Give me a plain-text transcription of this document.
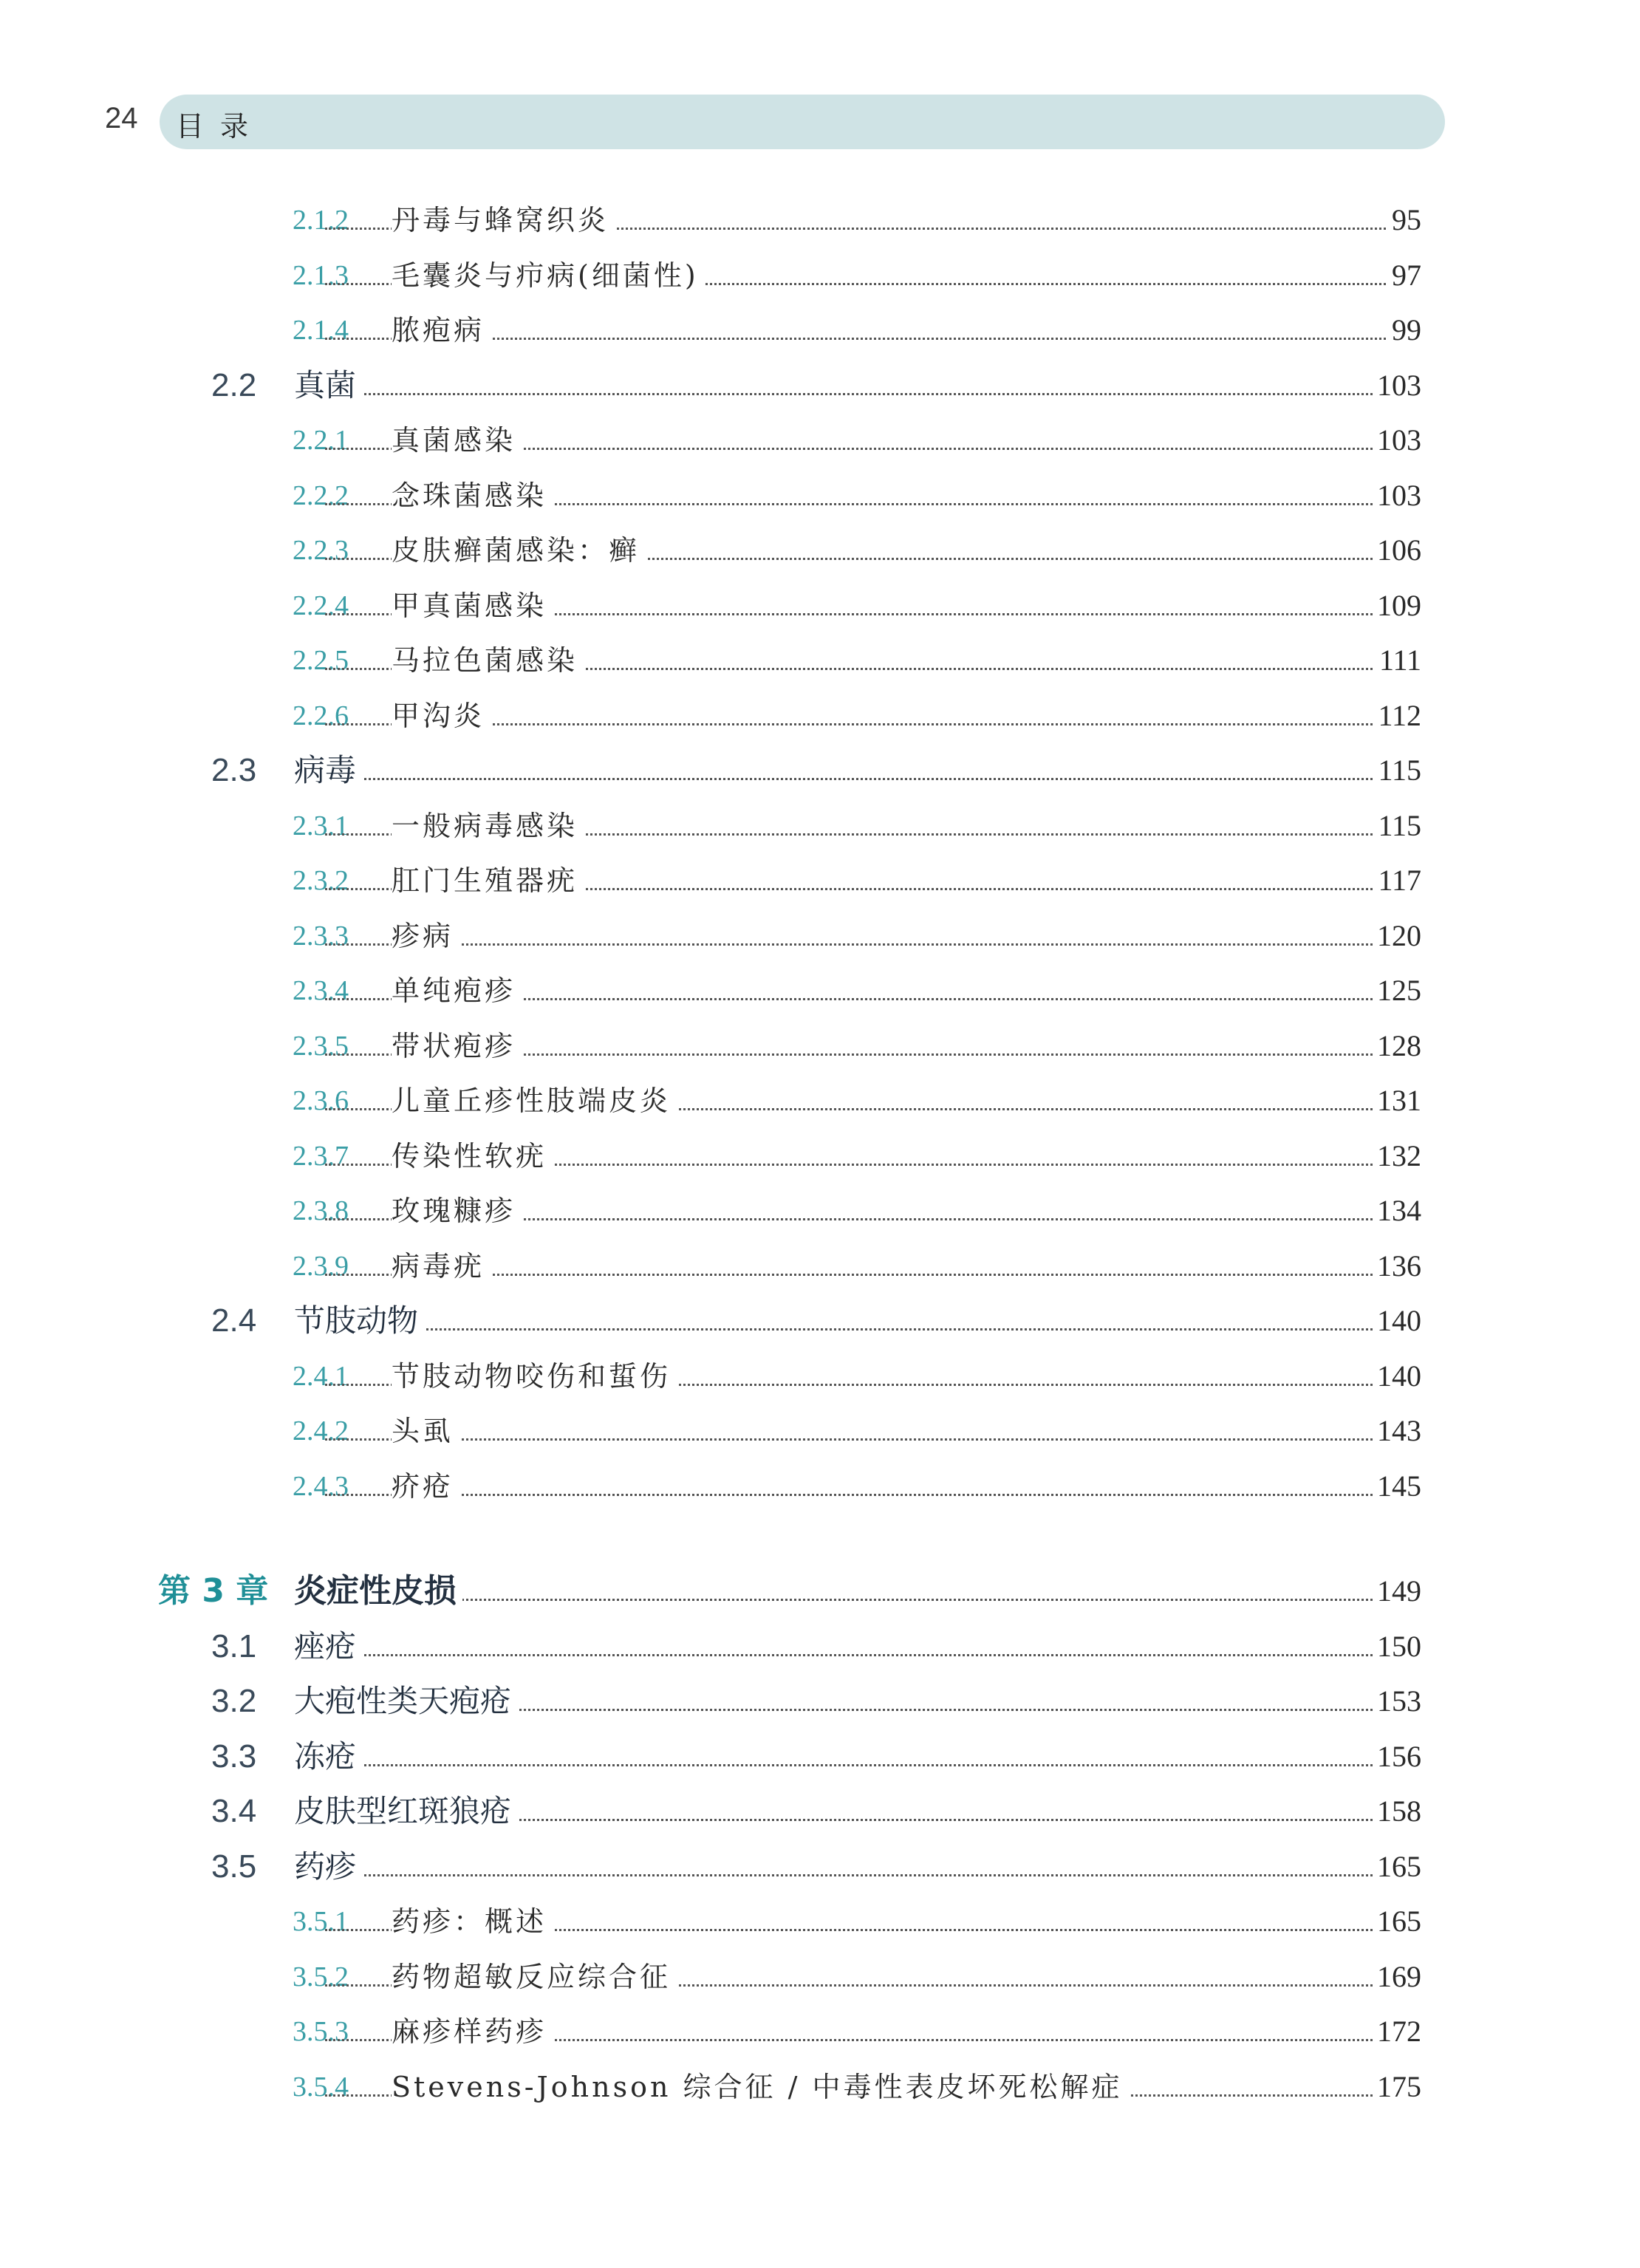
24 目录
2.1.2 丹毒与蜂窝织炎	95
2.1.3 毛囊炎与疖病(细菌性)	97
2.1.4 脓疱病	99
2.2 真菌	103
2.2.1 真菌感染	103
2.2.2 念珠菌感染	103
2.2.3 皮肤癣菌感染：癣	106
2.2.4 甲真菌感染	109
2.2.5 马拉色菌感染	111
2.2.6 甲沟炎	112
2.3 病毒	115
2.3.1 一般病毒感染	115
2.3.2 肛门生殖器疣	117
2.3.3 疹病	120
2.3.4 单纯疱疹	125
2.3.5 带状疱疹	128
2.3.6 儿童丘疹性肢端皮炎	131
2.3.7 传染性软疣	132
2.3.8 玫瑰糠疹	134
2.3.9 病毒疣	136
2.4 节肢动物	140
2.4.1 节肢动物咬伤和蜇伤	140
2.4.2 头虱	143
2.4.3 疥疮	145
第 3 章 炎症性皮损	149
3.1 痤疮	150
3.2 大疱性类天疱疮	153
3.3 冻疮	156
3.4 皮肤型红斑狼疮	158
3.5 药疹	165
3.5.1 药疹：概述	165
3.5.2 药物超敏反应综合征	169
3.5.3 麻疹样药疹	172
3.5.4 Stevens-Johnson 综合征 / 中毒性表皮坏死松解症	175
